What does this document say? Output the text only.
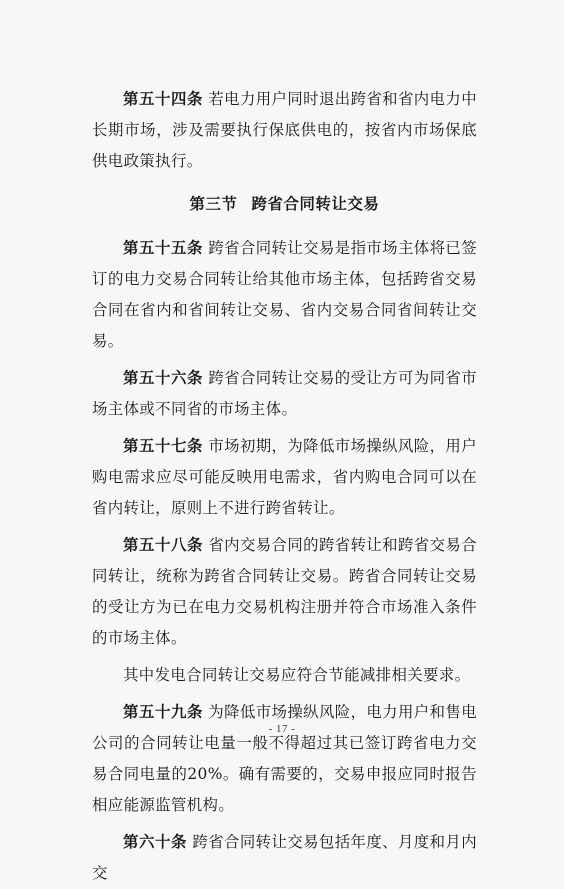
第五十四条 若电力用户同时退出跨省和省内电力中长期市场，涉及需要执行保底供电的，按省内市场保底供电政策执行。

第三节 跨省合同转让交易

第五十五条 跨省合同转让交易是指市场主体将已签订的电力交易合同转让给其他市场主体，包括跨省交易合同在省内和省间转让交易、省内交易合同省间转让交易。

第五十六条 跨省合同转让交易的受让方可为同省市场主体或不同省的市场主体。

第五十七条 市场初期，为降低市场操纵风险，用户购电需求应尽可能反映用电需求，省内购电合同可以在省内转让，原则上不进行跨省转让。

第五十八条 省内交易合同的跨省转让和跨省交易合同转让，统称为跨省合同转让交易。跨省合同转让交易的受让方为已在电力交易机构注册并符合市场准入条件的市场主体。

其中发电合同转让交易应符合节能减排相关要求。

第五十九条 为降低市场操纵风险，电力用户和售电公司的合同转让电量一般不得超过其已签订跨省电力交易合同电量的20%。确有需要的，交易申报应同时报告相应能源监管机构。

第六十条 跨省合同转让交易包括年度、月度和月内交

- 17 -
